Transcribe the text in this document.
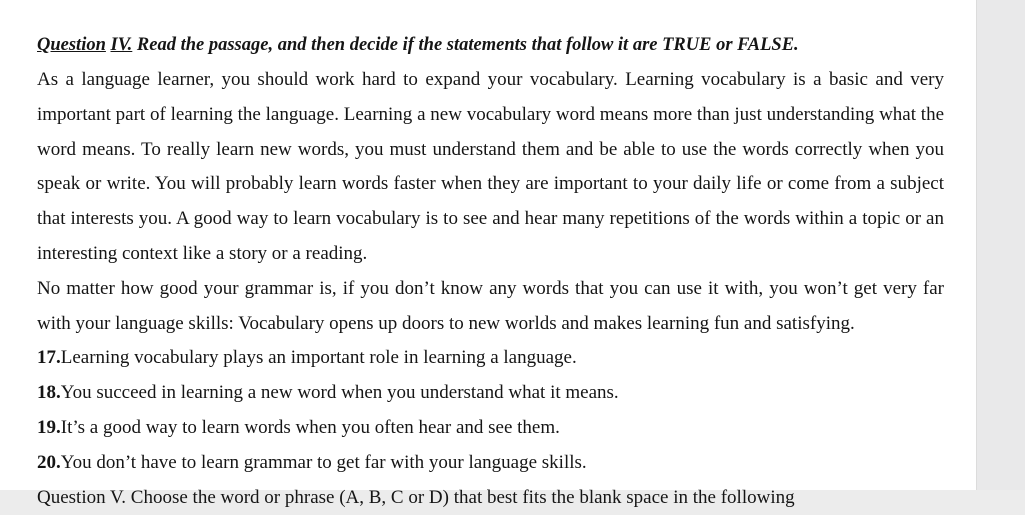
Question IV. Read the passage, and then decide if the statements that follow it are TRUE or FALSE.

As a language learner, you should work hard to expand your vocabulary. Learning vocabulary is a basic and very important part of learning the language. Learning a new vocabulary word means more than just understanding what the word means. To really learn new words, you must understand them and be able to use the words correctly when you speak or write. You will probably learn words faster when they are important to your daily life or come from a subject that interests you. A good way to learn vocabulary is to see and hear many repetitions of the words within a topic or an interesting context like a story or a reading.

No matter how good your grammar is, if you don’t know any words that you can use it with, you won’t get very far with your language skills: Vocabulary opens up doors to new worlds and makes learning fun and satisfying.

17.Learning vocabulary plays an important role in learning a language.
18.You succeed in learning a new word when you understand what it means.
19.It’s a good way to learn words when you often hear and see them.
20.You don’t have to learn grammar to get far with your language skills.
Question V. Choose the word or phrase (A, B, C or D) that best fits the blank space in the following
